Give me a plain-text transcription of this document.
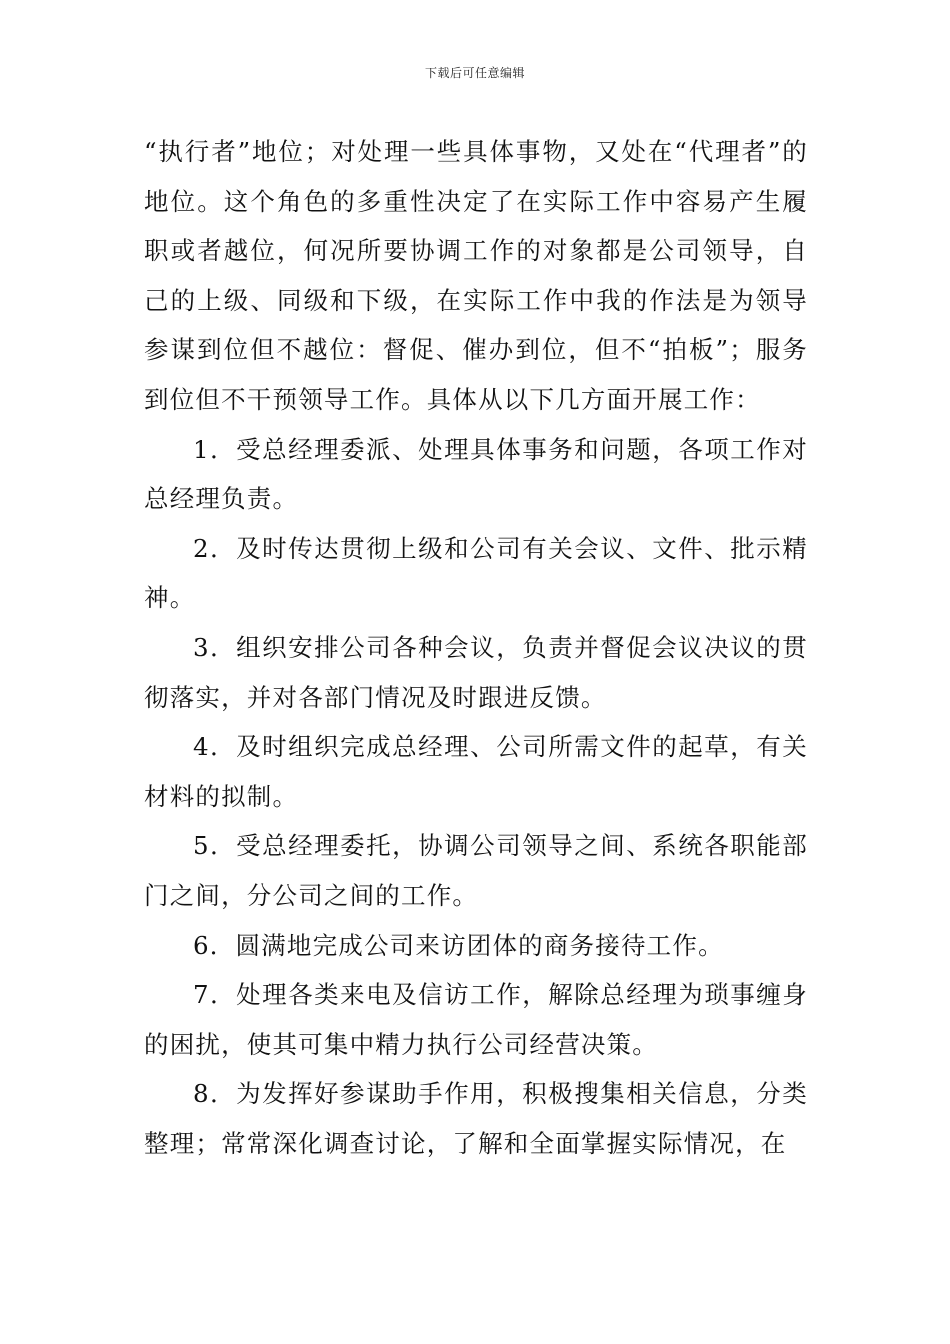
下载后可任意编辑

“执行者”地位；对处理一些具体事物，又处在“代理者”的地位。这个角色的多重性决定了在实际工作中容易产生履职或者越位，何况所要协调工作的对象都是公司领导，自己的上级、同级和下级，在实际工作中我的作法是为领导参谋到位但不越位：督促、催办到位，但不“拍板”；服务到位但不干预领导工作。具体从以下几方面开展工作：

1．受总经理委派、处理具体事务和问题，各项工作对总经理负责。

2．及时传达贯彻上级和公司有关会议、文件、批示精神。

3．组织安排公司各种会议，负责并督促会议决议的贯彻落实，并对各部门情况及时跟进反馈。

4．及时组织完成总经理、公司所需文件的起草，有关材料的拟制。

5．受总经理委托，协调公司领导之间、系统各职能部门之间，分公司之间的工作。

6．圆满地完成公司来访团体的商务接待工作。

7．处理各类来电及信访工作，解除总经理为琐事缠身的困扰，使其可集中精力执行公司经营决策。

8．为发挥好参谋助手作用，积极搜集相关信息，分类整理；常常深化调查讨论，了解和全面掌握实际情况，在
